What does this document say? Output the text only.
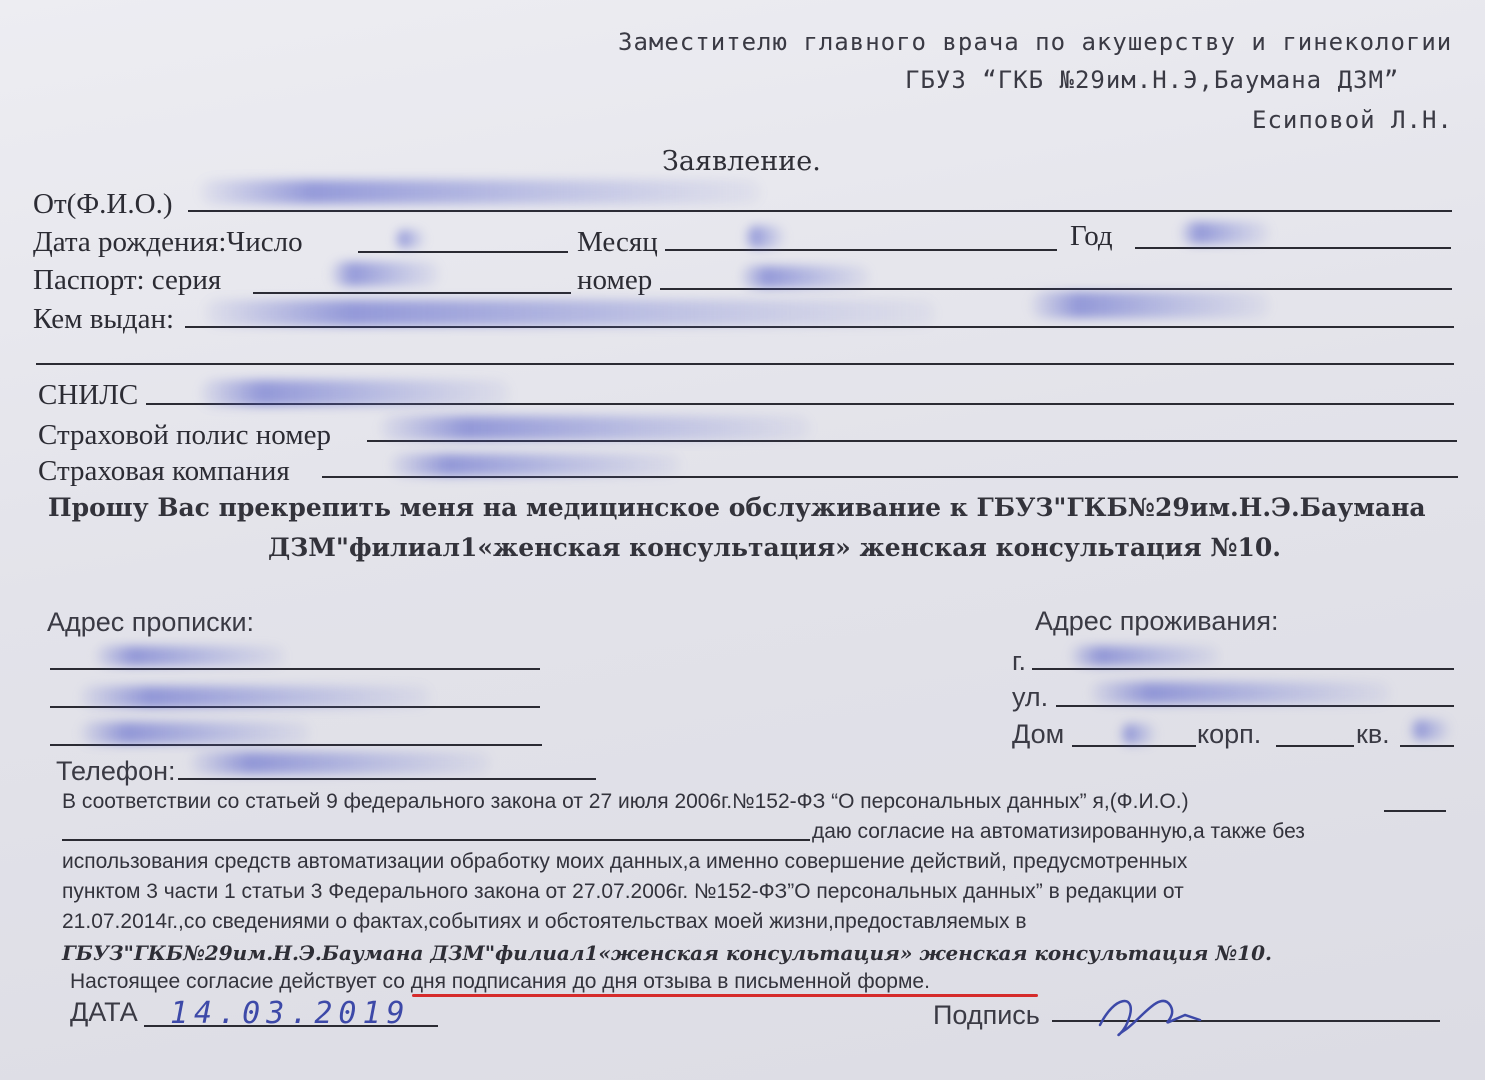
Заместителю главного врача по акушерству и гинекологии
ГБУЗ “ГКБ №29им.Н.Э,Баумана ДЗМ”
Есиповой Л.Н.
Заявление.
От(Ф.И.О.)
Дата рождения:Число	Месяц	Год
Паспорт: серия	номер
Кем выдан:
СНИЛС
Страховой полис номер
Страховая компания
Прошу Вас прекрепить меня на медицинское обслуживание к ГБУЗ"ГКБ№29им.Н.Э.Баумана
ДЗМ"филиал1«женская консультация» женская консультация №10.
Адрес прописки:	Адрес проживания:
г.
ул.
Дом	корп.	кв.
Телефон:
В соответствии со статьей 9 федерального закона от 27 июля 2006г.№152-ФЗ “О персональных данных” я,(Ф.И.О.)
даю согласие на автоматизированную,а также без
использования средств автоматизации обработку моих данных,а именно совершение действий, предусмотренных
пунктом 3 части 1 статьи 3 Федерального закона от 27.07.2006г. №152-ФЗ”О персональных данных” в редакции от
21.07.2014г.,со сведениями о фактах,событиях и обстоятельствах моей жизни,предоставляемых в
ГБУЗ"ГКБ№29им.Н.Э.Баумана ДЗМ"филиал1«женская консультация» женская консультация №10.
Настоящее согласие действует со дня подписания до дня отзыва в письменной форме.
ДАТА 14.03.2019	Подпись
